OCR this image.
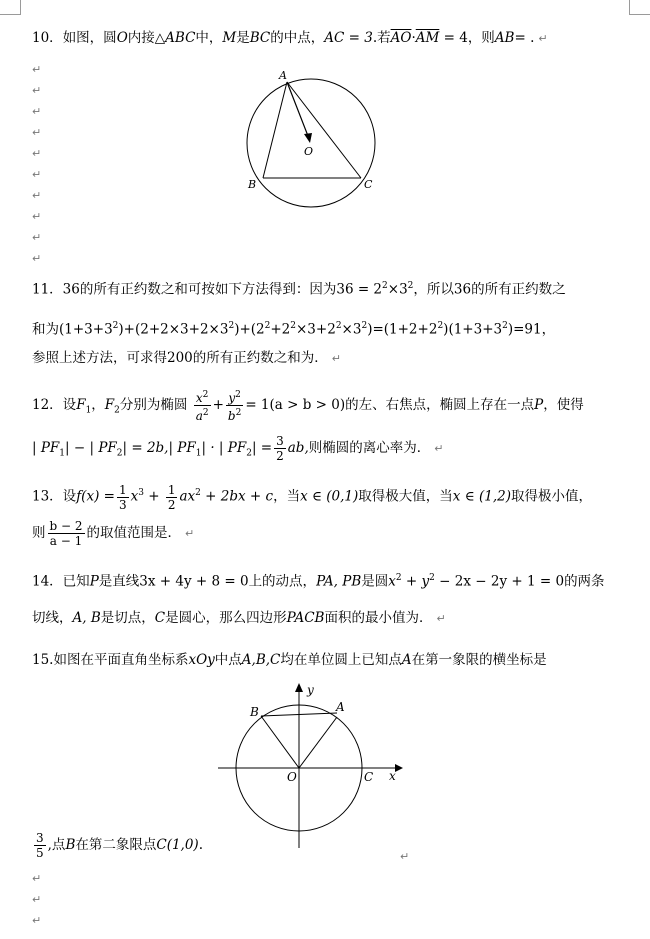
10．如图，圆O内接△ABC中，M是BC的中点，AC = 3.若$\overline{AO}\cdot\overline{AM} = 4$，则AB= . ↵
↵
↵
↵
↵
↵
↵
↵
↵
↵
↵
A
B	C
O
11．36的所有正约数之和可按如下方法得到：因为$36 = 2^2\times 3^2$，所以36的所有正约数之
和为$(1+3+3^2)+(2+2\times 3+2\times 3^2)+(2^2+2^2\times 3+2^2\times 3^2)=(1+2+2^2)(1+3+3^2)=91$，
参照上述方法，可求得200的所有正约数之和为． ↵
12．设$F_1$，$F_2$分别为椭圆 $\frac{x^2}{a^2} + \frac{y^2}{b^2} = 1(a > b > 0)$的左、右焦点，椭圆上存在一点P，使得
| $PF_1|$ − | $PF_2| = 2b,|$ $PF_1|$ · | $PF_2| = \frac{3}{2}$ ab,则椭圆的离心率为． ↵
13．设$f(x) = \frac{1}{3} x^3 + \frac{1}{2} ax^2 + 2bx + c$，当x ∈ (0,1)取得极大值，当x ∈ (1,2)取得极小值，
则 $\frac{b - 2}{a - 1}$ 的取值范围是． ↵
14．已知P是直线3x + 4y + 8 = 0上的动点，PA, PB是圆$x^2 + y^2 - 2x - 2y + 1 = 0$的两条
切线，A, B是切点，C是圆心，那么四边形PACB面积的最小值为． ↵
15.如图在平面直角坐标系xOy中点A,B,C均在单位圆上已知点A在第一象限的横坐标是
A
B
C
O	x
y
$\frac{3}{5}$ ,点B在第二象限点C(1,0).
↵
↵
↵
↵
